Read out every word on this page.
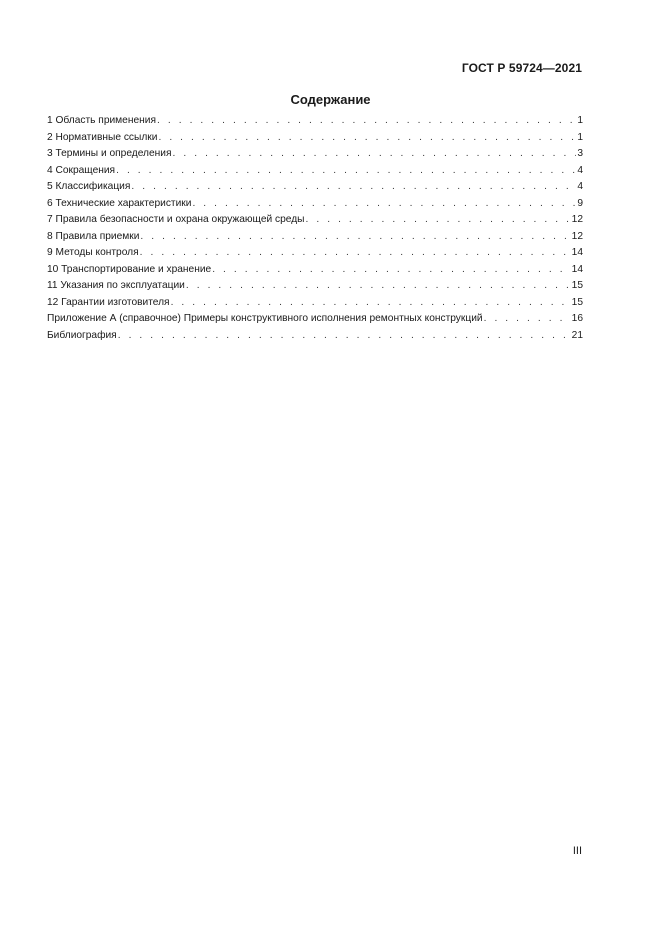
ГОСТ Р 59724—2021
Содержание
1 Область применения . . .	1
2 Нормативные ссылки . . .	1
3 Термины и определения . . .	3
4 Сокращения . . .	4
5 Классификация . . .	4
6 Технические характеристики . . .	9
7 Правила безопасности и охрана окружающей среды . . .	12
8 Правила приемки . . .	12
9 Методы контроля . . .	14
10 Транспортирование и хранение . . .	14
11 Указания по эксплуатации . . .	15
12 Гарантии изготовителя . . .	15
Приложение А (справочное) Примеры конструктивного исполнения ремонтных конструкций . . .	16
Библиография . . .	21
III
